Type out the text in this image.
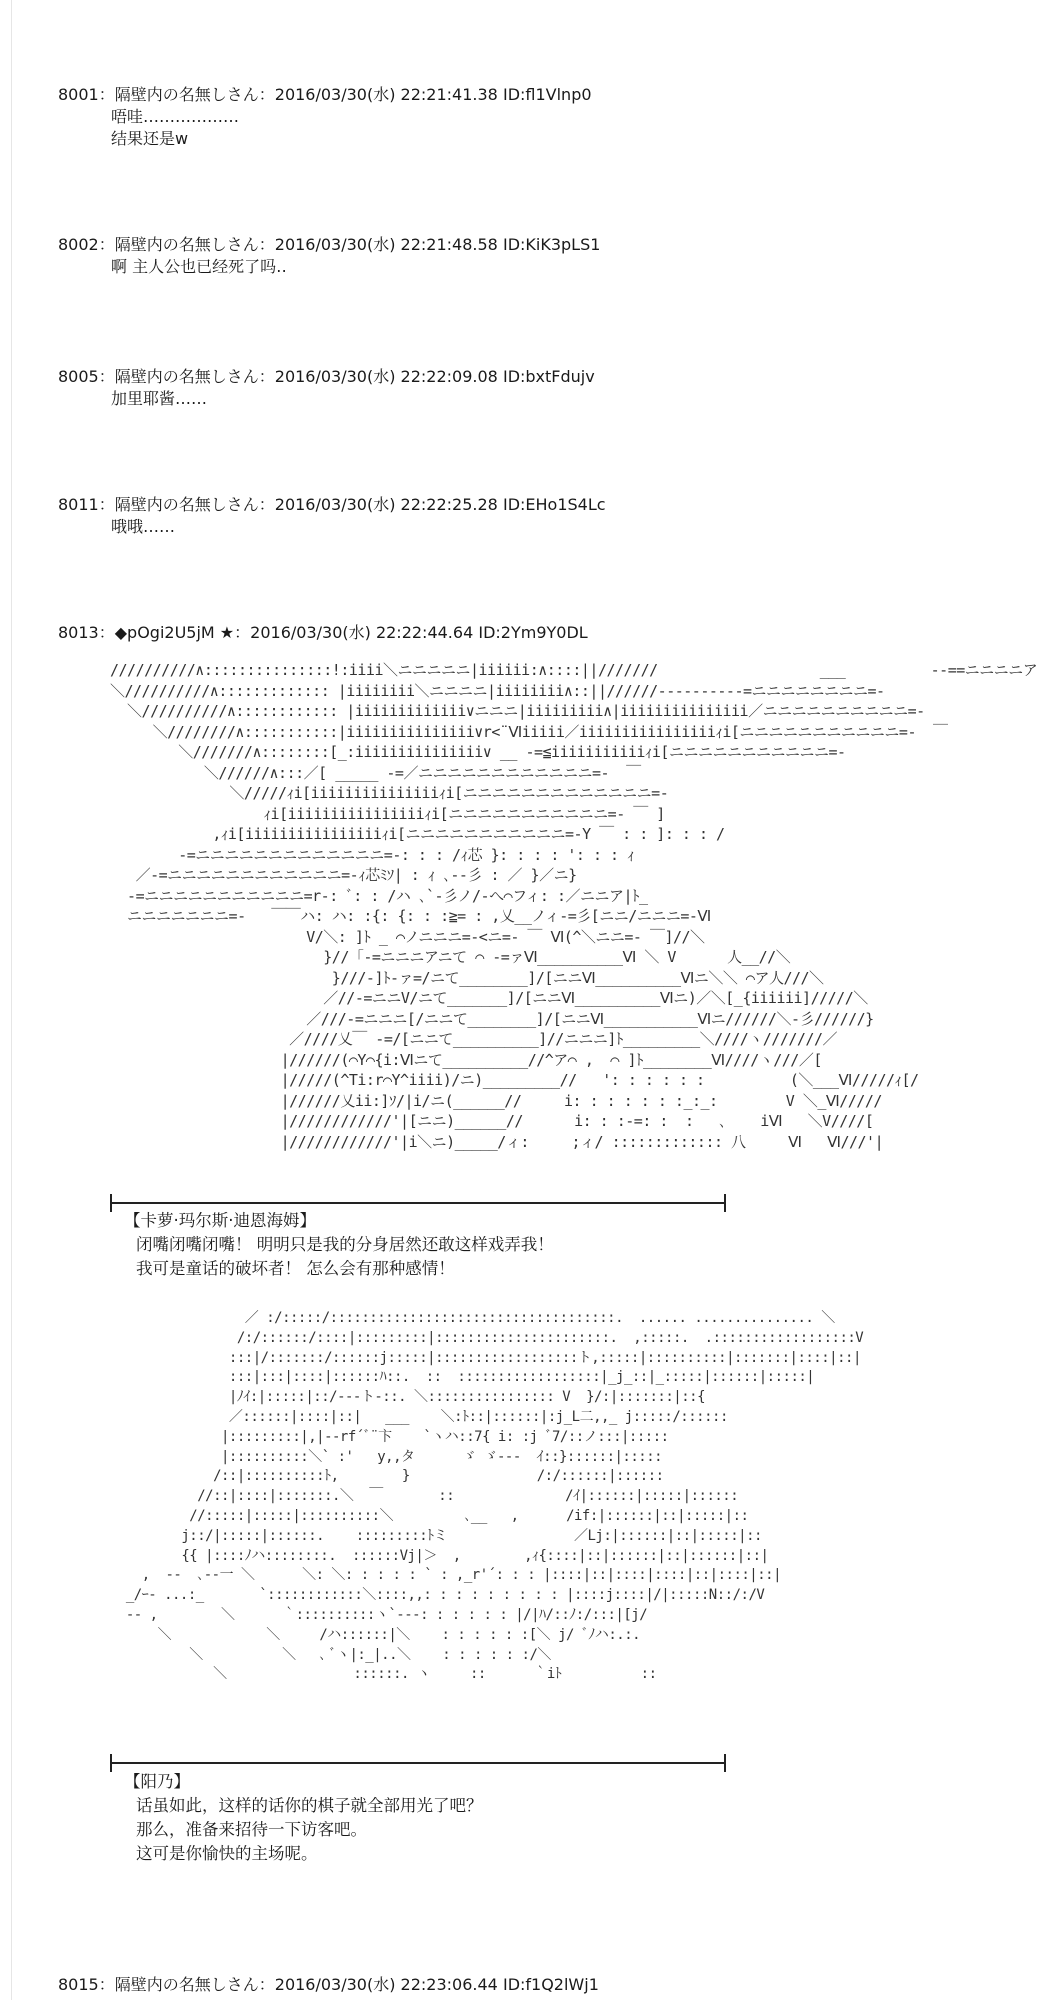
8001：隔壁内の名無しさん：2016/03/30(水) 22:21:41.38 ID:fl1Vlnp0
唔哇………………
结果还是w
8002：隔壁内の名無しさん：2016/03/30(水) 22:21:48.58 ID:KiK3pLS1
啊 主人公也已经死了吗‥
8005：隔壁内の名無しさん：2016/03/30(水) 22:22:09.08 ID:bxtFdujv
加里耶酱……
8011：隔壁内の名無しさん：2016/03/30(水) 22:22:25.28 ID:EHo1S4Lc
哦哦……
8013：◆pOgi2U5jM ★：2016/03/30(水) 22:22:44.64 ID:2Ym9Y0DL
//////////∧:::::::::::::::!:iiii＼ニニニニニ|iiiiii:∧::::||///////                   ___          --==ニニニニア
＼//////////∧::::::::::::: |iiiiiiii＼ニニニニ|iiiiiiii∧::||//////----------=ニニニニニニニニ=-
＼//////////∧:::::::::::: |iiiiiiiiiiiii∨ニニニ|iiiiiiiii∧|iiiiiiiiiiiiiii／ニニニニニニニニニニ=-
＼////////∧:::::::::::|iiiiiiiiiiiiiii∨r<¨Ⅵiiiii／iiiiiiiiiiiiiiiiｨi[ニニニニニニニニニニニ=-  ￣
＼///////∧::::::::[_:iiiiiiiiiiiiiii∨ __ -=≦iiiiiiiiiiiｨi[ニニニニニニニニニニニ=-
＼//////∧:::／[ _____ -=／ニニニニニニニニニニニニ=-  ￣
＼/////ｨi[iiiiiiiiiiiiiiiｨi[ニニニニニニニニニニニニニ=-
ｨi[iiiiiiiiiiiiiiiiｨi[ニニニニニニニニニニニ=- ￣ ]
,ｨi[iiiiiiiiiiiiiiiiｨi[ニニニニニニニニニニニ=-Y ￣ : : ]: : : /
-=ニニニニニニニニニニニニニ=-: : : /ｨ芯 }: : : : ': : : ｨ
／-=ニニニニニニニニニニニニ=-ｨ芯ﾐｿ| : ｨ ､--彡 : ／ }／ニ}
-=ニニニニニニニニニニニ=r-: ﾞ: : /ハ ､`-彡ノ/-へ⌒フィ: :／ニニア|ﾄ_
ニニニニニニニ=-   ￣￣ハ: ハ: :{: {: : :≧= : ,乂__ノィ-=彡[ニニ/ニニニ=-Ⅵ
V/＼: ]ﾄ _ ⌒ノニニニ=-<ニ=- ￣ Ⅵ(^＼ニニ=- ￣]//＼
}//「-=ニニニアニて ⌒ -=ァⅥ__________Ⅵ ＼ V      人__//＼
}///-]ﾄ-ァ=/ニて________]/[ニニⅥ__________Ⅵニ＼＼ ⌒ア人///＼
／//-=ニニV/ニて_______]/[ニニⅥ__________Ⅵニ)／＼[_{iiiiii]/////＼
／///-=ニニニ[/ニニて________]/[ニニⅥ___________Ⅵニ//////＼-彡//////}
／////乂￣ -=/[ニニて__________]//ニニニ]ﾄ_________＼////ヽ///////／
|//////(⌒Y⌒{i:Ⅵニて__________//^ア⌒ ,  ⌒ ]ﾄ________Ⅵ////ヽ///／[
|/////(^Ti:r⌒Y^iiii)/ニ)_________//   ': : : : : :          (＼___Ⅵ/////ｨ[/
|//////乂ii:]ｿ/|i/ニ(______//     i: : : : : : :_:_:        V ＼_Ⅵ/////
|////////////'|[ニニ)______//      i: : :-=: :  :   ､    iⅥ   ＼V////[
|////////////'|i＼ニ)_____/ィ:     ;ィ/ ::::::::::::: 八     Ⅵ   Ⅵ///'|
【卡萝·玛尔斯·迪恩海姆】
闭嘴闭嘴闭嘴！ 明明只是我的分身居然还敢这样戏弄我！
我可是童话的破坏者！ 怎么会有那种感情！
／ :/:::::/::::::::::::::::::::::::::::::::::::.  ...... ............... ＼
/:/::::::/::::|:::::::::|::::::::::::::::::::::.  ,:::::.  .::::::::::::::::::V
:::|/:::::::/::::::j:::::|::::::::::::::::::ト,:::::|::::::::::|:::::::|::::|::|
:::|:::|::::|::::::ﾊ::.  ::  ::::::::::::::::::|_j_::|_:::::|::::::|:::::|
|ﾉｲ:|:::::|::/---ト-::. ＼:::::::::::::::: V  }/:|:::::::|::{
／::::::|::::|::|   ___    ＼:ﾄ::|::::::|:j_L二,,_ j:::::/::::::
|:::::::::|,|--rf´ﾞ¨卞    `ヽハ::7{ i: :j ﾞ7/::ノ:::|:::::
|::::::::::＼` :'   y,,タ      ゞ ゞ--‐  ｲ::}::::::|:::::
/::|::::::::::ﾄ,        }                /:/::::::|::::::
//::|::::|:::::::.＼  ￣       ::              /ｲ|::::::|:::::|::::::
//:::::|:::::|::::::::::＼         ､__   ,      /if:|::::::|::|:::::|::
j::/|:::::|::::::.    :::::::::ﾄミ                ／Lj:|::::::|::|:::::|::
{{ |::::ﾉハ::::::::.  ::::::Vj|＞  ,        ,ｨ{::::|::|::::::|::|::::::|::|
,  --  ､‐-一 ＼      ＼: ＼: : : : : ` : ,_r'´: : : |::::|::|::::|::::|::|::::|::|
_/ｰ- ...:_       `::::::::::::＼::::,,: : : : : : : : : |::::j::::|/|:::::N::/:/V
-- ,        ＼      ｀::::::::::ヽ`---: : : : : : |/|ﾊ/::ﾉ:/:::|[j/
＼            ＼     /ハ::::::|＼    : : : : : :[＼ j/ ﾞﾉハ:.:.
＼          ＼   ､ ﾞヽ|:_|..＼    : : : : : :/＼
＼                ::::::. ヽ     ::      ｀iﾄ          ::
【阳乃】
话虽如此，这样的话你的棋子就全部用光了吧？
那么，准备来招待一下访客吧。
这可是你愉快的主场呢。
8015：隔壁内の名無しさん：2016/03/30(水) 22:23:06.44 ID:f1Q2lWj1
